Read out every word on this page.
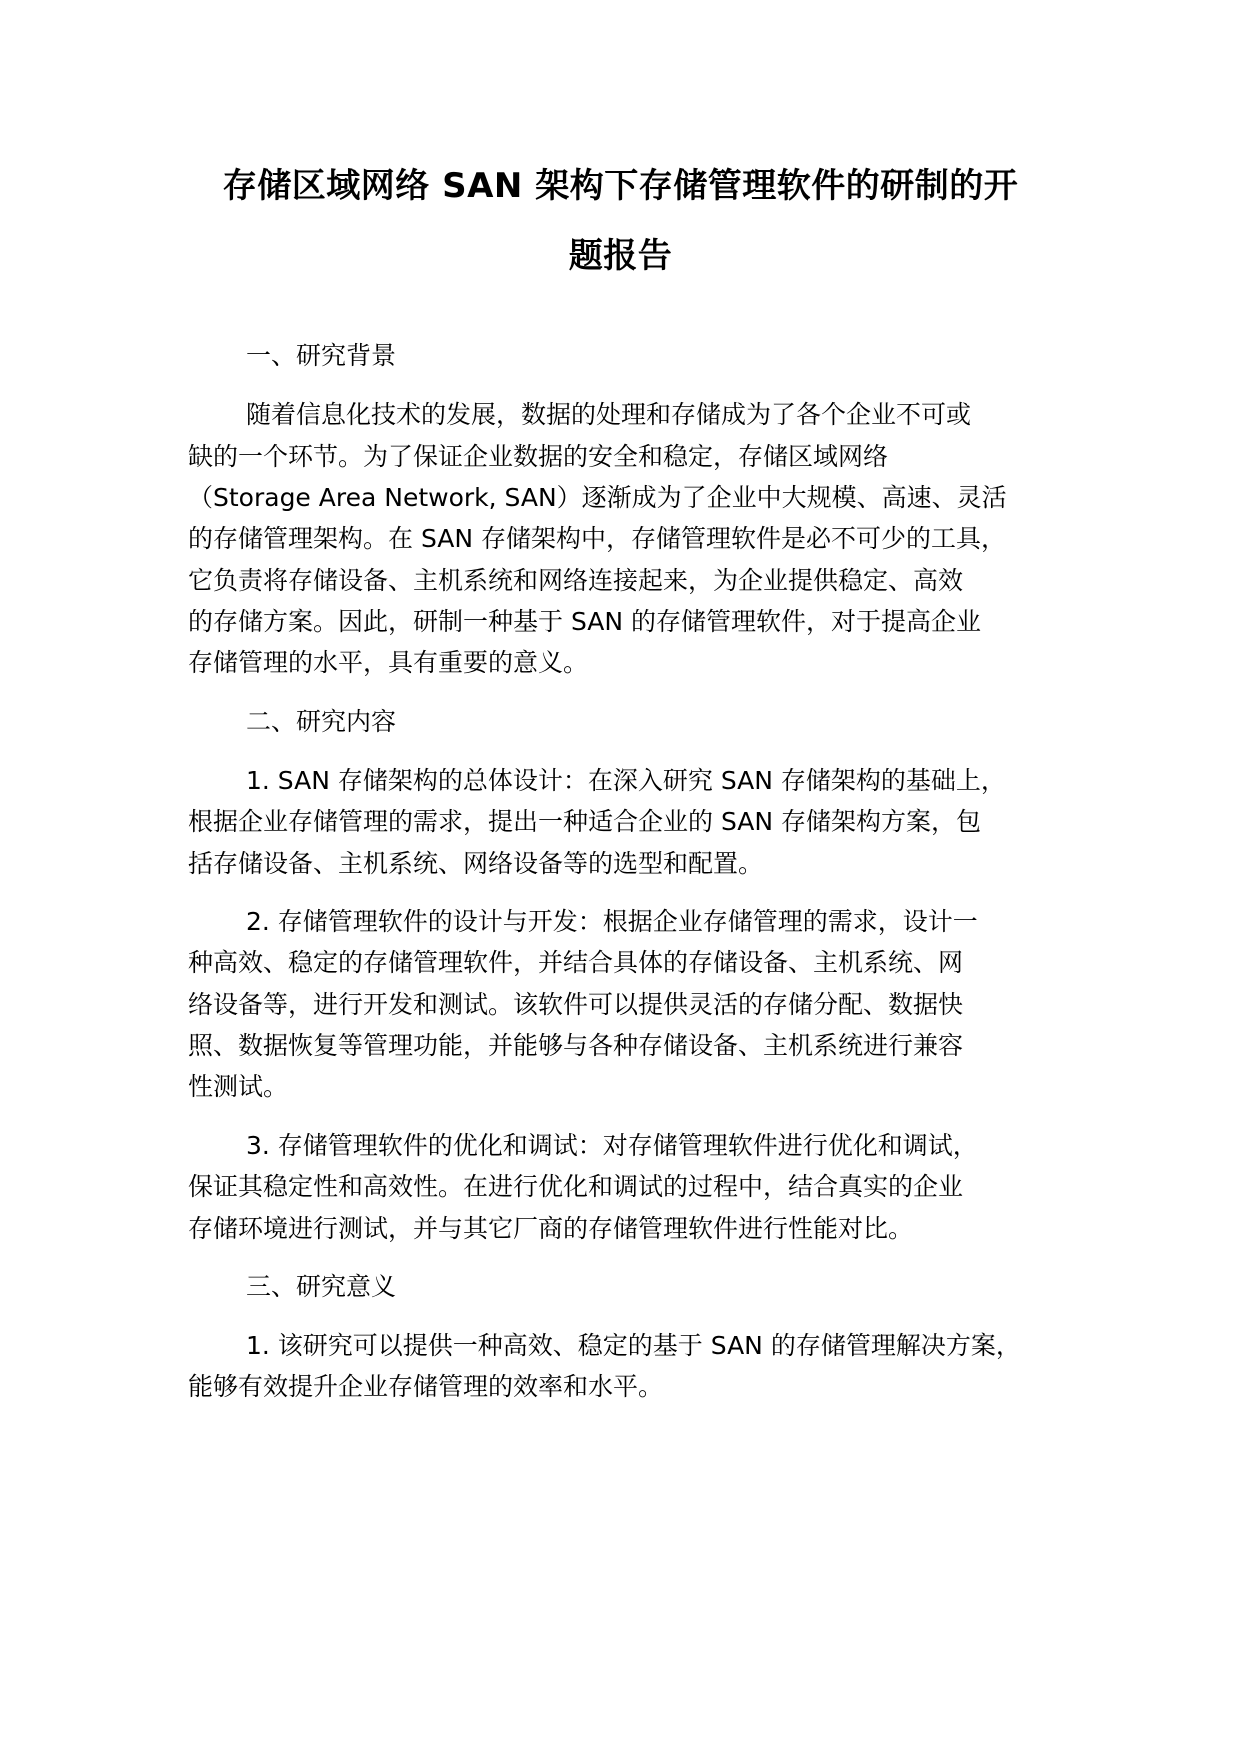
存储区域网络 SAN 架构下存储管理软件的研制的开
题报告
一、研究背景
随着信息化技术的发展，数据的处理和存储成为了各个企业不可或
缺的一个环节。为了保证企业数据的安全和稳定，存储区域网络
（Storage Area Network, SAN）逐渐成为了企业中大规模、高速、灵活
的存储管理架构。在 SAN 存储架构中，存储管理软件是必不可少的工具，
它负责将存储设备、主机系统和网络连接起来，为企业提供稳定、高效
的存储方案。因此，研制一种基于 SAN 的存储管理软件，对于提高企业
存储管理的水平，具有重要的意义。
二、研究内容
1. SAN 存储架构的总体设计：在深入研究 SAN 存储架构的基础上，
根据企业存储管理的需求，提出一种适合企业的 SAN 存储架构方案，包
括存储设备、主机系统、网络设备等的选型和配置。
2. 存储管理软件的设计与开发：根据企业存储管理的需求，设计一
种高效、稳定的存储管理软件，并结合具体的存储设备、主机系统、网
络设备等，进行开发和测试。该软件可以提供灵活的存储分配、数据快
照、数据恢复等管理功能，并能够与各种存储设备、主机系统进行兼容
性测试。
3. 存储管理软件的优化和调试：对存储管理软件进行优化和调试，
保证其稳定性和高效性。在进行优化和调试的过程中，结合真实的企业
存储环境进行测试，并与其它厂商的存储管理软件进行性能对比。
三、研究意义
1. 该研究可以提供一种高效、稳定的基于 SAN 的存储管理解决方案，
能够有效提升企业存储管理的效率和水平。
